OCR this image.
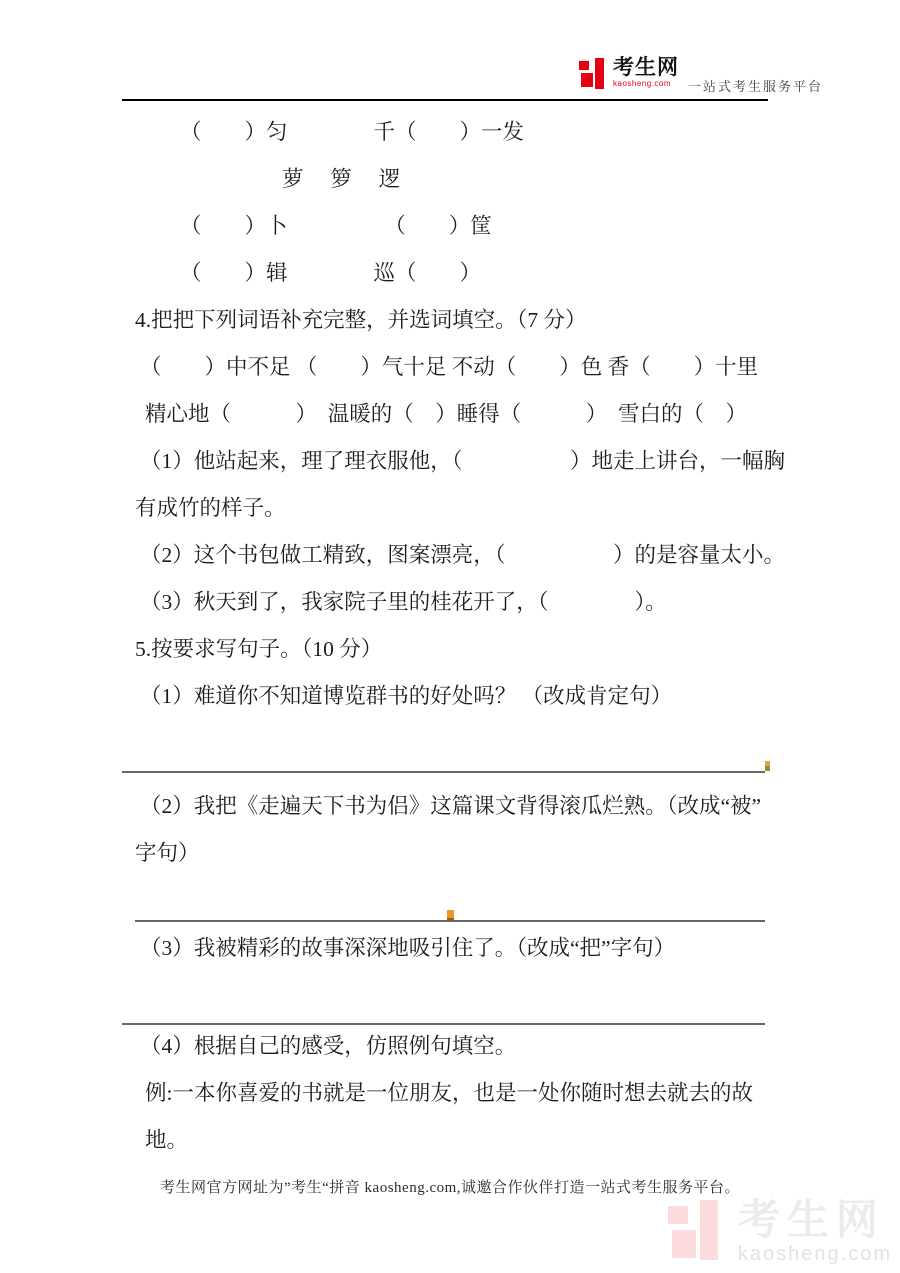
考生网
kaosheng.com	一站式考生服务平台
（　　）匀　　　　千（　　）一发
萝　 箩　 逻
（　　）卜　　　　　（　　）筐
（　　）辑　　　　巡（　　）
4.把把下列词语补充完整，并选词填空。（7 分）
（　　）中不足 （　　）气十足 不动（　　）色 香（　　）十里
精心地（　　　）　温暖的（　）睡得（　　　）　雪白的（　）
（1）他站起来，理了理衣服他，（　　　　　）地走上讲台，一幅胸
有成竹的样子。
（2）这个书包做工精致，图案漂亮，（　　　　　）的是容量太小。
（3）秋天到了，我家院子里的桂花开了，（　　　　）。
5.按要求写句子。（10 分）
（1）难道你不知道博览群书的好处吗？ （改成肯定句）
（2）我把《走遍天下书为侣》这篇课文背得滚瓜烂熟。（改成“被”
字句）
（3）我被精彩的故事深深地吸引住了。（改成“把”字句）
（4）根据自己的感受，仿照例句填空。
例:一本你喜爱的书就是一位朋友，也是一处你随时想去就去的故
地。
考生网官方网址为”考生“拼音 kaosheng.com,诚邀合作伙伴打造一站式考生服务平台。
考生网
kaosheng.com
